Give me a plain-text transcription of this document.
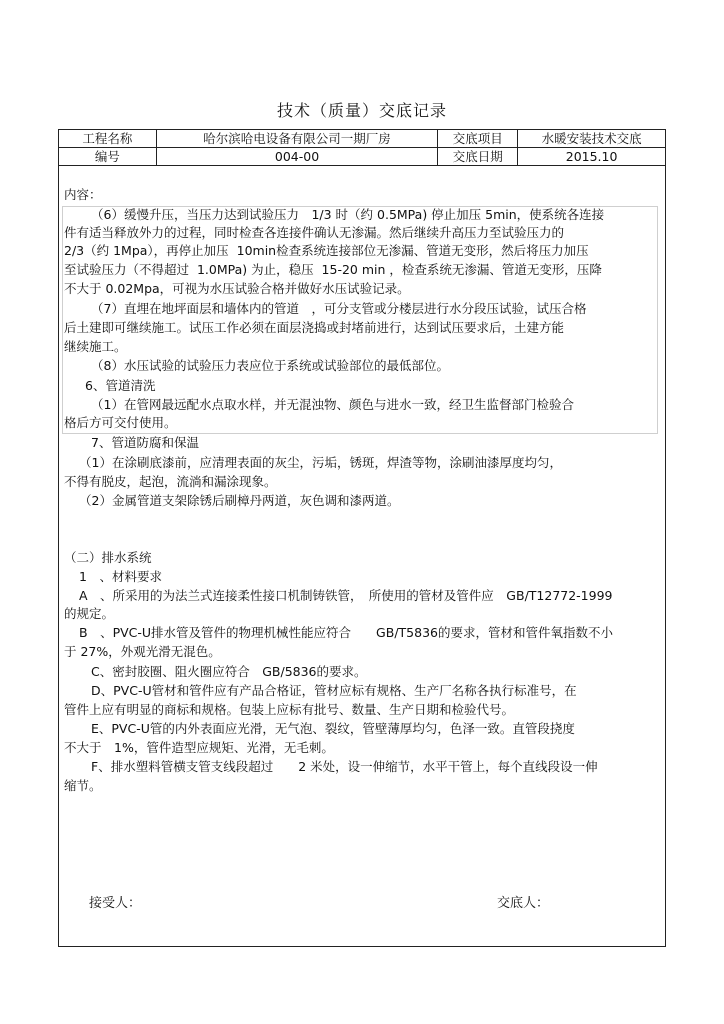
技术（质量）交底记录
工程名称	哈尔滨哈电设备有限公司一期厂房	交底项目	水暖安装技术交底
编号	004-00	交底日期	2015.10
内容：
（6）缓慢升压，当压力达到试验压力　1/3 时（约 0.5MPa) 停止加压 5min，使系统各连接
件有适当释放外力的过程，同时检查各连接件确认无渗漏。然后继续升高压力至试验压力的
2/3（约 1Mpa），再停止加压  10min检查系统连接部位无渗漏、管道无变形，然后将压力加压
至试验压力（不得超过  1.0MPa) 为止，稳压  15-20 min ，检查系统无渗漏、管道无变形，压降
不大于 0.02Mpa，可视为水压试验合格并做好水压试验记录。
（7）直埋在地坪面层和墙体内的管道　，可分支管或分楼层进行水分段压试验，试压合格
后土建即可继续施工。试压工作必须在面层浇捣或封堵前进行，达到试压要求后，土建方能
继续施工。
（8）水压试验的试验压力表应位于系统或试验部位的最低部位。
6、管道清洗
（1）在管网最远配水点取水样，并无混浊物、颜色与进水一致，经卫生监督部门检验合
格后方可交付使用。
7、管道防腐和保温
（1）在涂刷底漆前，应清理表面的灰尘，污垢，锈斑，焊渣等物，涂刷油漆厚度均匀，
不得有脱皮，起泡，流淌和漏涂现象。
（2）金属管道支架除锈后刷樟丹两道，灰色调和漆两道。
（二）排水系统
1　、材料要求
A　、所采用的为法兰式连接柔性接口机制铸铁管，　所使用的管材及管件应　GB/T12772-1999
的规定。
B　、PVC-U排水管及管件的物理机械性能应符合　　GB/T5836的要求，管材和管件氧指数不小
于 27%，外观光滑无混色。
C、密封胶圈、阻火圈应符合　GB/5836的要求。
D、PVC-U管材和管件应有产品合格证，管材应标有规格、生产厂名称各执行标准号，在
管件上应有明显的商标和规格。包装上应标有批号、数量、生产日期和检验代号。
E、PVC-U管的内外表面应光滑，无气泡、裂纹，管壁薄厚均匀，色泽一致。直管段挠度
不大于　1%，管件造型应规矩、光滑，无毛刺。
F、排水塑料管横支管支线段超过　　2 米处，设一伸缩节，水平干管上，每个直线段设一伸
缩节。
接受人：	交底人：
